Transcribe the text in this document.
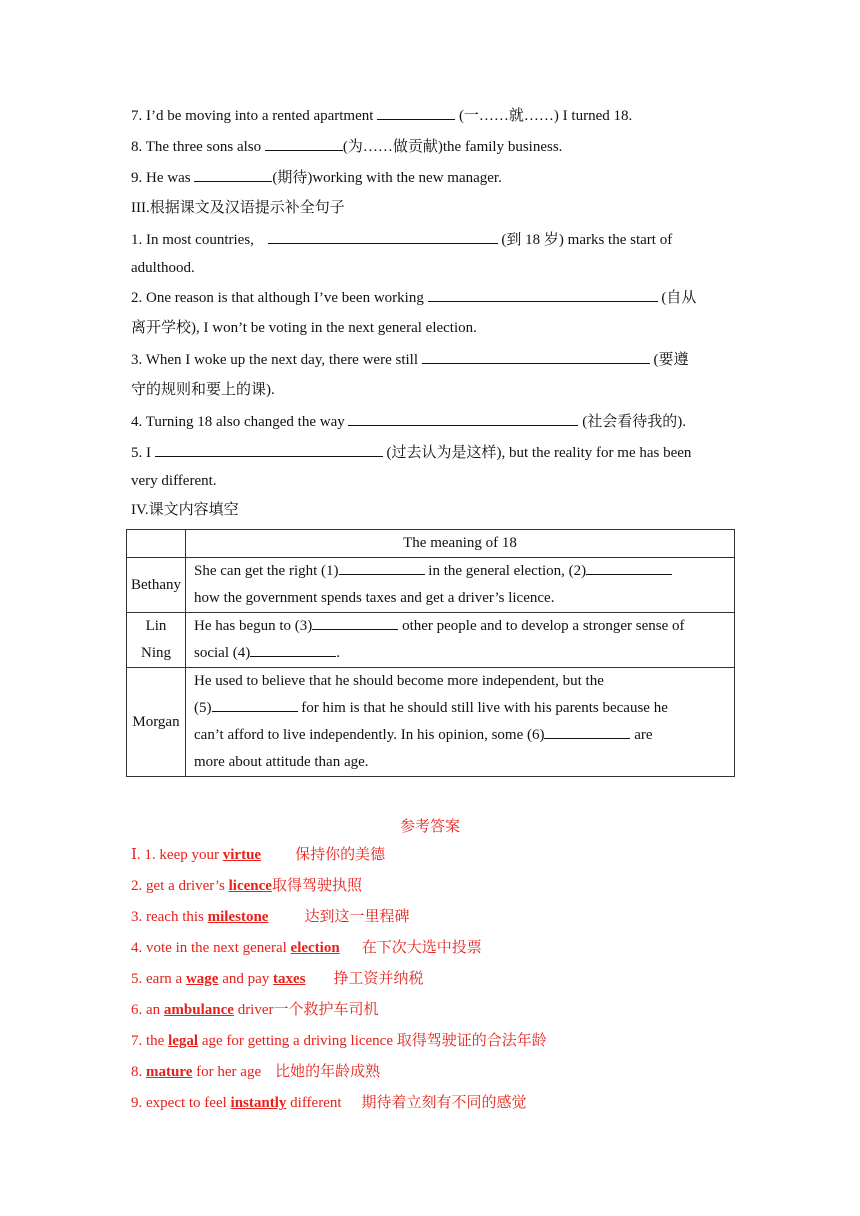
7. I’d be moving into a rented apartment	(一……就……) I turned 18.
8. The three sons also	(为……做贡献)the family business.
9. He was	(期待)working with the new manager.
III.根据课文及汉语提示补全句子
1. In most countries,	(到 18 岁) marks the start of
adulthood.
2. One reason is that although I’ve been working	(自从
离开学校), I won’t be voting in the next general election.
3. When I woke up the next day, there were still	(要遵
守的规则和要上的课).
4. Turning 18 also changed the way	(社会看待我的).
5. I	(过去认为是这样), but the reality for me has been
very different.
IV.课文内容填空
	The meaning of 18
Bethany	She can get the right (1) in the general election, (2)
how the government spends taxes and get a driver’s licence.

Lin Ning	He has begun to (3) other people and to develop a stronger sense of
social (4) .

Morgan	He used to believe that he should become more independent, but the
(5) for him is that he should still live with his parents because he
can’t afford to live independently. In his opinion, some (6) are
more about attitude than age.
参考答案
Ⅰ. 1. keep your virtue 保持你的美德
2. get a driver’s licence取得驾驶执照
3. reach this milestone 达到这一里程碑
4. vote in the next general election 在下次大选中投票
5. earn a wage and pay taxes 挣工资并纳税
6. an ambulance driver一个救护车司机
7. the legal age for getting a driving licence 取得驾驶证的合法年龄
8. mature for her age 比她的年龄成熟
9. expect to feel instantly different 期待着立刻有不同的感觉
